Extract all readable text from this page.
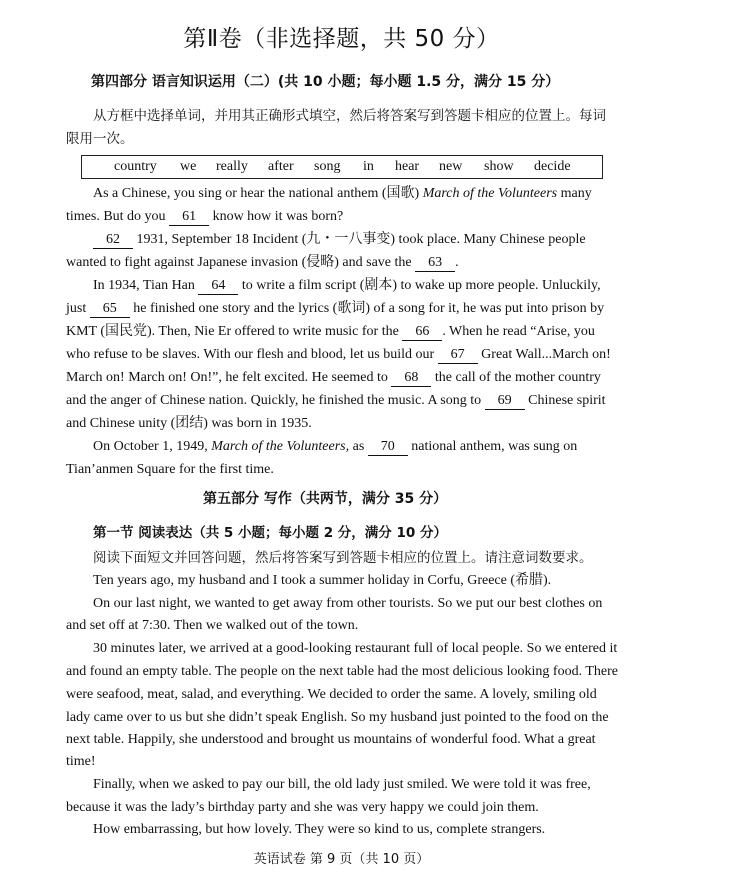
第Ⅱ卷（非选择题，共 50 分）
第四部分 语言知识运用（二）(共 10 小题；每小题 1.5 分，满分 15 分）
从方框中选择单词，并用其正确形式填空，然后将答案写到答题卡相应的位置上。每词
限用一次。
country we really after song in hear new show decide
As a Chinese, you sing or hear the national anthem (国歌) March of the Volunteers many
times. But do you 61 know how it was born?
62 1931, September 18 Incident (九・一八事变) took place. Many Chinese people
wanted to fight against Japanese invasion (侵略) and save the 63 .
In 1934, Tian Han 64 to write a film script (剧本) to wake up more people. Unluckily,
just 65 he finished one story and the lyrics (歌词) of a song for it, he was put into prison by
KMT (国民党). Then, Nie Er offered to write music for the 66 . When he read “Arise, you
who refuse to be slaves. With our flesh and blood, let us build our 67 Great Wall...March on!
March on! March on! On!”, he felt excited. He seemed to 68 the call of the mother country
and the anger of Chinese nation. Quickly, he finished the music. A song to 69 Chinese spirit
and Chinese unity (团结) was born in 1935.
On October 1, 1949, March of the Volunteers, as 70 national anthem, was sung on
Tian’anmen Square for the first time.
第五部分 写作（共两节，满分 35 分）
第一节 阅读表达（共 5 小题；每小题 2 分，满分 10 分）
阅读下面短文并回答问题，然后将答案写到答题卡相应的位置上。请注意词数要求。
Ten years ago, my husband and I took a summer holiday in Corfu, Greece (希腊).
On our last night, we wanted to get away from other tourists. So we put our best clothes on
and set off at 7:30. Then we walked out of the town.
30 minutes later, we arrived at a good-looking restaurant full of local people. So we entered it
and found an empty table. The people on the next table had the most delicious looking food. There
were seafood, meat, salad, and everything. We decided to order the same. A lovely, smiling old
lady came over to us but she didn’t speak English. So my husband just pointed to the food on the
next table. Happily, she understood and brought us mountains of wonderful food. What a great
time!
Finally, when we asked to pay our bill, the old lady just smiled. We were told it was free,
because it was the lady’s birthday party and she was very happy we could join them.
How embarrassing, but how lovely. They were so kind to us, complete strangers.
英语试卷 第 9 页（共 10 页）
